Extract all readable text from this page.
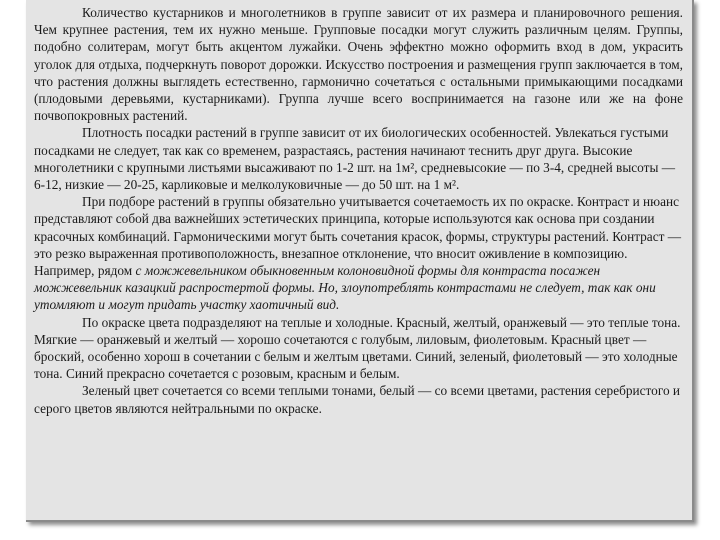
Количество кустарников и многолетников в группе зависит от их размера и планировочного решения. Чем крупнее растения, тем их нужно меньше. Групповые посадки могут служить различным целям. Группы, подобно солитерам, могут быть акцентом лужайки. Очень эффектно можно оформить вход в дом, украсить уголок для отдыха, подчеркнуть поворот дорожки. Искусство построения и размещения групп заключается в том, что растения должны выглядеть естественно, гармонично сочетаться с остальными примыкающими посадками (плодовыми деревьями, кустарниками). Группа лучше всего воспринимается на газоне или же на фоне почвопокровных растений.

Плотность посадки растений в группе зависит от их биологических особенностей. Увлекаться густыми посадками не следует, так как со временем, разрастаясь, растения начинают теснить друг друга. Высокие многолетники с крупными листьями высаживают по 1-2 шт. на 1м², средневысокие — по 3-4, средней высоты — 6-12, низкие — 20-25, карликовые и мелколуковичные — до 50 шт. на 1 м².

При подборе растений в группы обязательно учитывается сочетаемость их по окраске. Контраст и нюанс представляют собой два важнейших эстетических принципа, которые используются как основа при создании красочных комбинаций. Гармоническими могут быть сочетания красок, формы, структуры растений. Контраст — это резко выраженная противоположность, внезапное отклонение, что вносит оживление в композицию. Например, рядом с можжевельником обыкновенным колоновидной формы для контраста посажен можжевельник казацкий распростертой формы. Но, злоупотреблять контрастами не следует, так как они утомляют и могут придать участку хаотичный вид.

По окраске цвета подразделяют на теплые и холодные. Красный, желтый, оранжевый — это теплые тона. Мягкие — оранжевый и желтый — хорошо сочетаются с голубым, лиловым, фиолетовым. Красный цвет — броский, особенно хорош в сочетании с белым и желтым цветами. Синий, зеленый, фиолетовый — это холодные тона. Синий прекрасно сочетается с розовым, красным и белым.

Зеленый цвет сочетается со всеми теплыми тонами, белый — со всеми цветами, растения серебристого и серого цветов являются нейтральными по окраске.
